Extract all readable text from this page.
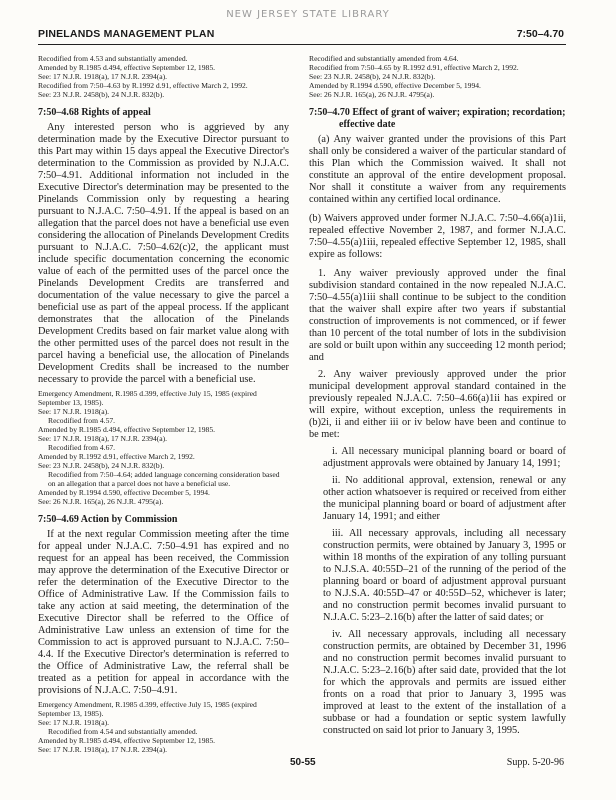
NEW JERSEY STATE LIBRARY
PINELANDS MANAGEMENT PLAN	7:50–4.70

Recodified from 4.53 and substantially amended.

Amended by R.1985 d.494, effective September 12, 1985.

See: 17 N.J.R. 1918(a), 17 N.J.R. 2394(a).

Recodified from 7:50–4.63 by R.1992 d.91, effective March 2, 1992.

See: 23 N.J.R. 2458(b), 24 N.J.R. 832(b).

7:50–4.68 Rights of appeal

Any interested person who is aggrieved by any determination made by the Executive Director pursuant to this Part may within 15 days appeal the Executive Director's determination to the Commission as provided by N.J.A.C. 7:50–4.91. Additional information not included in the Executive Director's determination may be presented to the Pinelands Commission only by requesting a hearing pursuant to N.J.A.C. 7:50–4.91. If the appeal is based on an allegation that the parcel does not have a beneficial use even considering the allocation of Pinelands Development Credits pursuant to N.J.A.C. 7:50–4.62(c)2, the applicant must include specific documentation concerning the economic value of each of the permitted uses of the parcel once the Pinelands Development Credits are transferred and documentation of the value necessary to give the parcel a beneficial use as part of the appeal process. If the applicant demonstrates that the allocation of the Pinelands Development Credits based on fair market value along with the other permitted uses of the parcel does not result in the parcel having a beneficial use, the allocation of Pinelands Development Credits shall be increased to the number necessary to provide the parcel with a beneficial use.

Emergency Amendment, R.1985 d.399, effective July 15, 1985 (expired September 13, 1985).

See: 17 N.J.R. 1918(a).

Recodified from 4.57.

Amended by R.1985 d.494, effective September 12, 1985.

See: 17 N.J.R. 1918(a), 17 N.J.R. 2394(a).

Recodified from 4.67.

Amended by R.1992 d.91, effective March 2, 1992.

See: 23 N.J.R. 2458(b), 24 N.J.R. 832(b).

Recodified from 7:50–4.64; added language concerning consideration based on an allegation that a parcel does not have a beneficial use.

Amended by R.1994 d.590, effective December 5, 1994.

See: 26 N.J.R. 165(a), 26 N.J.R. 4795(a).

7:50–4.69 Action by Commission

If at the next regular Commission meeting after the time for appeal under N.J.A.C. 7:50–4.91 has expired and no request for an appeal has been received, the Commission may approve the determination of the Executive Director or refer the determination of the Executive Director to the Office of Administrative Law. If the Commission fails to take any action at said meeting, the determination of the Executive Director shall be referred to the Office of Administrative Law unless an extension of time for the Commission to act is approved pursuant to N.J.A.C. 7:50–4.4. If the Executive Director's determination is referred to the Office of Administrative Law, the referral shall be treated as a petition for appeal in accordance with the provisions of N.J.A.C. 7:50–4.91.

Emergency Amendment, R.1985 d.399, effective July 15, 1985 (expired September 13, 1985).

See: 17 N.J.R. 1918(a).

Recodified from 4.54 and substantially amended.

Amended by R.1985 d.494, effective September 12, 1985.

See: 17 N.J.R. 1918(a), 17 N.J.R. 2394(a).

Recodified and substantially amended from 4.64.

Recodified from 7:50–4.65 by R.1992 d.91, effective March 2, 1992.

See: 23 N.J.R. 2458(b), 24 N.J.R. 832(b).

Amended by R.1994 d.590, effective December 5, 1994.

See: 26 N.J.R. 165(a), 26 N.J.R. 4795(a).

7:50–4.70 Effect of grant of waiver; expiration; recordation; effective date

(a) Any waiver granted under the provisions of this Part shall only be considered a waiver of the particular standard of this Plan which the Commission waived. It shall not constitute an approval of the entire development proposal. Nor shall it constitute a waiver from any requirements contained within any certified local ordinance.

(b) Waivers approved under former N.J.A.C. 7:50–4.66(a)1ii, repealed effective November 2, 1987, and former N.J.A.C. 7:50–4.55(a)1iii, repealed effective September 12, 1985, shall expire as follows:

1. Any waiver previously approved under the final subdivision standard contained in the now repealed N.J.A.C. 7:50–4.55(a)1iii shall continue to be subject to the condition that the waiver shall expire after two years if substantial construction of improvements is not commenced, or if fewer than 10 percent of the total number of lots in the subdivision are sold or built upon within any succeeding 12 month period; and

2. Any waiver previously approved under the prior municipal development approval standard contained in the previously repealed N.J.A.C. 7:50–4.66(a)1ii has expired or will expire, without exception, unless the requirements in (b)2i, ii and either iii or iv below have been and continue to be met:

i. All necessary municipal planning board or board of adjustment approvals were obtained by January 14, 1991;

ii. No additional approval, extension, renewal or any other action whatsoever is required or received from either the municipal planning board or board of adjustment after January 14, 1991; and either

iii. All necessary approvals, including all necessary construction permits, were obtained by January 3, 1995 or within 18 months of the expiration of any tolling pursuant to N.J.S.A. 40:55D–21 of the running of the period of the planning board or board of adjustment approval pursuant to N.J.S.A. 40:55D–47 or 40:55D–52, whichever is later; and no construction permit becomes invalid pursuant to N.J.A.C. 5:23–2.16(b) after the latter of said dates; or

iv. All necessary approvals, including all necessary construction permits, are obtained by December 31, 1996 and no construction permit becomes invalid pursuant to N.J.A.C. 5:23–2.16(b) after said date, provided that the lot for which the approvals and permits are issued either fronts on a road that prior to January 3, 1995 was improved at least to the extent of the installation of a subbase or had a foundation or septic system lawfully constructed on said lot prior to January 3, 1995.

50-55	Supp. 5-20-96
